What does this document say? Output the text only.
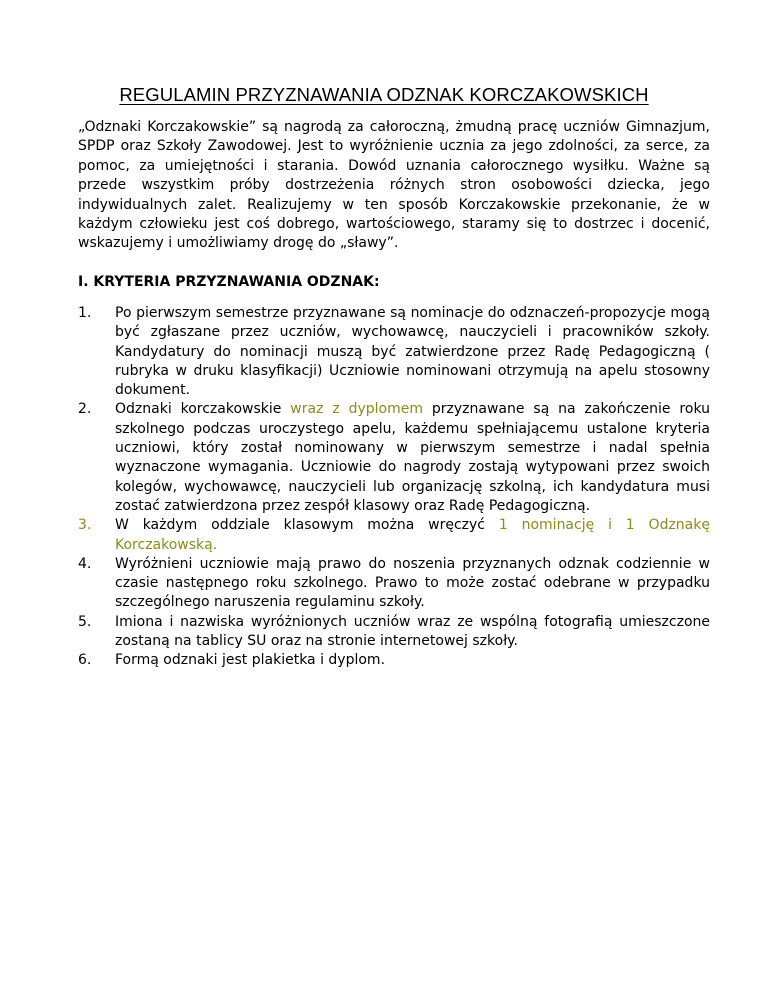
REGULAMIN PRZYZNAWANIA ODZNAK KORCZAKOWSKICH

„Odznaki Korczakowskie” są nagrodą za całoroczną, żmudną pracę uczniów Gimnazjum, SPDP oraz Szkoły Zawodowej. Jest to wyróżnienie ucznia za jego zdolności, za serce, za pomoc, za umiejętności i starania. Dowód uznania całorocznego wysiłku. Ważne są przede wszystkim próby dostrzeżenia różnych stron osobowości dziecka, jego indywidualnych zalet. Realizujemy w ten sposób Korczakowskie przekonanie, że w każdym człowieku jest coś dobrego, wartościowego, staramy się to dostrzec i docenić, wskazujemy i umożliwiamy drogę do „sławy”.

I. KRYTERIA PRZYZNAWANIA ODZNAK:

1. Po pierwszym semestrze przyznawane są nominacje do odznaczeń-propozycje mogą być zgłaszane przez uczniów, wychowawcę, nauczycieli i pracowników szkoły. Kandydatury do nominacji muszą być zatwierdzone przez Radę Pedagogiczną ( rubryka w druku klasyfikacji) Uczniowie nominowani otrzymują na apelu stosowny dokument.
2. Odznaki korczakowskie wraz z dyplomem przyznawane są na zakończenie roku szkolnego podczas uroczystego apelu, każdemu spełniającemu ustalone kryteria uczniowi, który został nominowany w pierwszym semestrze i nadal spełnia wyznaczone wymagania. Uczniowie do nagrody zostają wytypowani przez swoich kolegów, wychowawcę, nauczycieli lub organizację szkolną, ich kandydatura musi zostać zatwierdzona przez zespół klasowy oraz Radę Pedagogiczną.
3. W każdym oddziale klasowym można wręczyć 1 nominację i 1 Odznakę Korczakowską.
4. Wyróżnieni uczniowie mają prawo do noszenia przyznanych odznak codziennie w czasie następnego roku szkolnego. Prawo to może zostać odebrane w przypadku szczególnego naruszenia regulaminu szkoły.
5. Imiona i nazwiska wyróżnionych uczniów wraz ze wspólną fotografią umieszczone zostaną na tablicy SU oraz na stronie internetowej szkoły.
6. Formą odznaki jest plakietka i dyplom.
